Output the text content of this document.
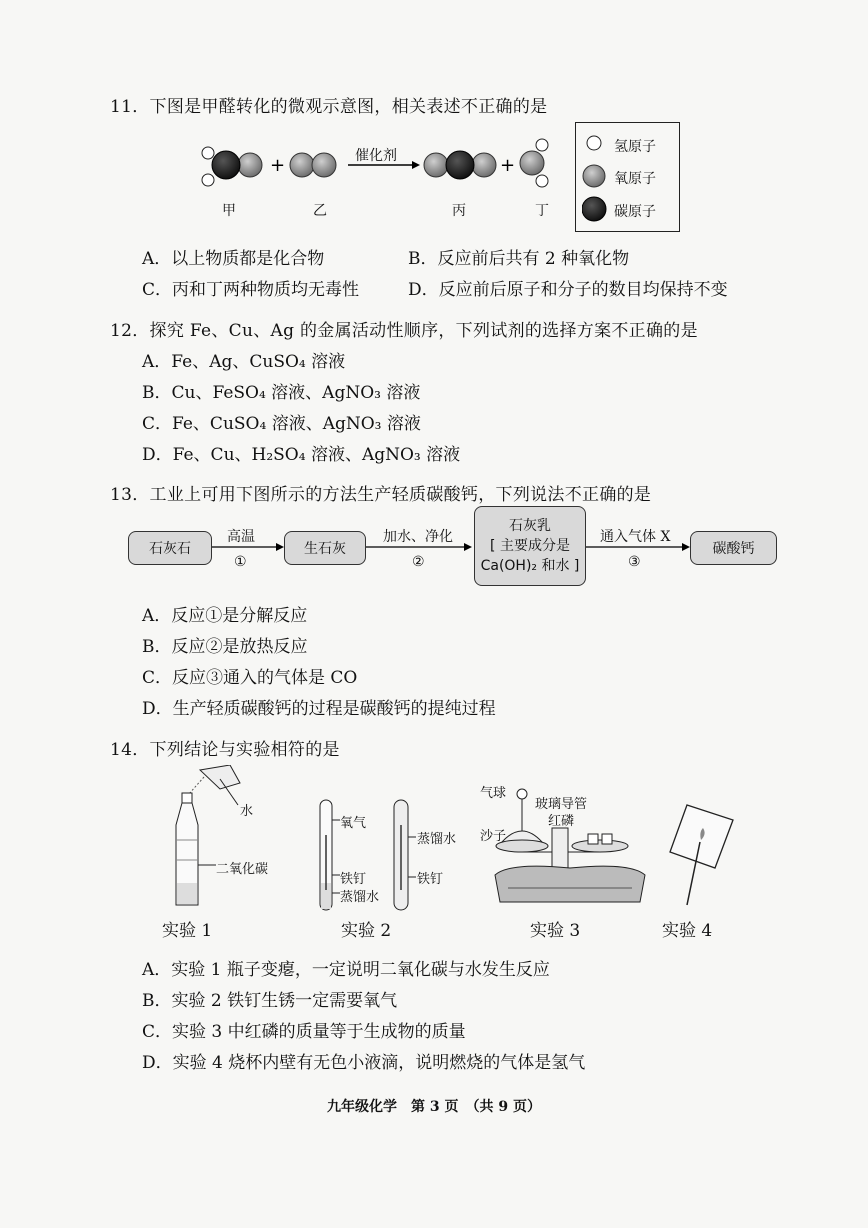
11．下图是甲醛转化的微观示意图，相关表述不正确的是
+	+
催化剂
甲	乙	丙	丁
氢原子
氧原子
碳原子
A．以上物质都是化合物	B．反应前后共有 2 种氧化物
C．丙和丁两种物质均无毒性	D．反应前后原子和分子的数目均保持不变
12．探究 Fe、Cu、Ag 的金属活动性顺序，下列试剂的选择方案不正确的是
A．Fe、Ag、CuSO₄ 溶液
B．Cu、FeSO₄ 溶液、AgNO₃ 溶液
C．Fe、CuSO₄ 溶液、AgNO₃ 溶液
D．Fe、Cu、H₂SO₄ 溶液、AgNO₃ 溶液
13．工业上可用下图所示的方法生产轻质碳酸钙，下列说法不正确的是
石灰石	生石灰
石灰乳
[ 主要成分是
Ca(OH)₂ 和水 ]
碳酸钙
高温
①
加水、净化
②
通入气体 X
③
A．反应①是分解反应
B．反应②是放热反应
C．反应③通入的气体是 CO
D．生产轻质碳酸钙的过程是碳酸钙的提纯过程
14．下列结论与实验相符的是
水
二氧化碳
氧气
蒸馏水
铁钉	铁钉
蒸馏水
气球
玻璃导管
红磷
沙子
实验 1	实验 2	实验 3	实验 4
A．实验 1 瓶子变瘪，一定说明二氧化碳与水发生反应
B．实验 2 铁钉生锈一定需要氧气
C．实验 3 中红磷的质量等于生成物的质量
D．实验 4 烧杯内壁有无色小液滴，说明燃烧的气体是氢气
九年级化学　第 3 页　（共 9 页）
